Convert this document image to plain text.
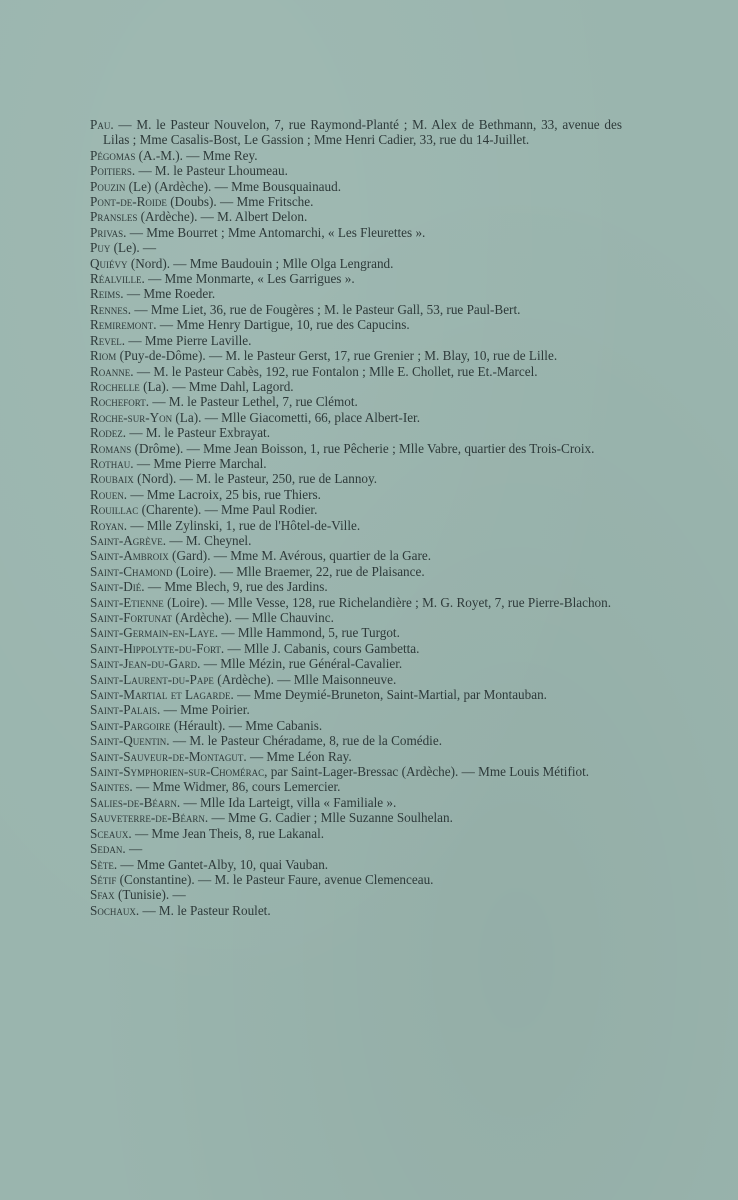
Pau. — M. le Pasteur Nouvelon, 7, rue Raymond-Planté ; M. Alex de Bethmann, 33, avenue des Lilas ; Mme Casalis-Bost, Le Gassion ; Mme Henri Cadier, 33, rue du 14-Juillet.
Pégomas (A.-M.). — Mme Rey.
Poitiers. — M. le Pasteur Lhoumeau.
Pouzin (Le) (Ardèche). — Mme Bousquainaud.
Pont-de-Roide (Doubs). — Mme Fritsche.
Pransles (Ardèche). — M. Albert Delon.
Privas. — Mme Bourret ; Mme Antomarchi, « Les Fleurettes ».
Puy (Le). —
Quiévy (Nord). — Mme Baudouin ; Mlle Olga Lengrand.
Réalville. — Mme Monmarte, « Les Garrigues ».
Reims. — Mme Roeder.
Rennes. — Mme Liet, 36, rue de Fougères ; M. le Pasteur Gall, 53, rue Paul-Bert.
Remiremont. — Mme Henry Dartigue, 10, rue des Capucins.
Revel. — Mme Pierre Laville.
Riom (Puy-de-Dôme). — M. le Pasteur Gerst, 17, rue Grenier ; M. Blay, 10, rue de Lille.
Roanne. — M. le Pasteur Cabès, 192, rue Fontalon ; Mlle E. Chollet, rue Et.-Marcel.
Rochelle (La). — Mme Dahl, Lagord.
Rochefort. — M. le Pasteur Lethel, 7, rue Clémot.
Roche-sur-Yon (La). — Mlle Giacometti, 66, place Albert-Ier.
Rodez. — M. le Pasteur Exbrayat.
Romans (Drôme). — Mme Jean Boisson, 1, rue Pêcherie ; Mlle Vabre, quartier des Trois-Croix.
Rothau. — Mme Pierre Marchal.
Roubaix (Nord). — M. le Pasteur, 250, rue de Lannoy.
Rouen. — Mme Lacroix, 25 bis, rue Thiers.
Rouillac (Charente). — Mme Paul Rodier.
Royan. — Mlle Zylinski, 1, rue de l'Hôtel-de-Ville.
Saint-Agrève. — M. Cheynel.
Saint-Ambroix (Gard). — Mme M. Avérous, quartier de la Gare.
Saint-Chamond (Loire). — Mlle Braemer, 22, rue de Plaisance.
Saint-Dié. — Mme Blech, 9, rue des Jardins.
Saint-Etienne (Loire). — Mlle Vesse, 128, rue Richelandière ; M. G. Royet, 7, rue Pierre-Blachon.
Saint-Fortunat (Ardèche). — Mlle Chauvinc.
Saint-Germain-en-Laye. — Mlle Hammond, 5, rue Turgot.
Saint-Hippolyte-du-Fort. — Mlle J. Cabanis, cours Gambetta.
Saint-Jean-du-Gard. — Mlle Mézin, rue Général-Cavalier.
Saint-Laurent-du-Pape (Ardèche). — Mlle Maisonneuve.
Saint-Martial et Lagarde. — Mme Deymié-Bruneton, Saint-Martial, par Montauban.
Saint-Palais. — Mme Poirier.
Saint-Pargoire (Hérault). — Mme Cabanis.
Saint-Quentin. — M. le Pasteur Chéradame, 8, rue de la Comédie.
Saint-Sauveur-de-Montagut. — Mme Léon Ray.
Saint-Symphorien-sur-Chomérac, par Saint-Lager-Bressac (Ardèche). — Mme Louis Métifiot.
Saintes. — Mme Widmer, 86, cours Lemercier.
Salies-de-Béarn. — Mlle Ida Larteigt, villa « Familiale ».
Sauveterre-de-Béarn. — Mme G. Cadier ; Mlle Suzanne Soulhelan.
Sceaux. — Mme Jean Theis, 8, rue Lakanal.
Sedan. —
Sète. — Mme Gantet-Alby, 10, quai Vauban.
Sétif (Constantine). — M. le Pasteur Faure, avenue Clemenceau.
Sfax (Tunisie). —
Sochaux. — M. le Pasteur Roulet.
